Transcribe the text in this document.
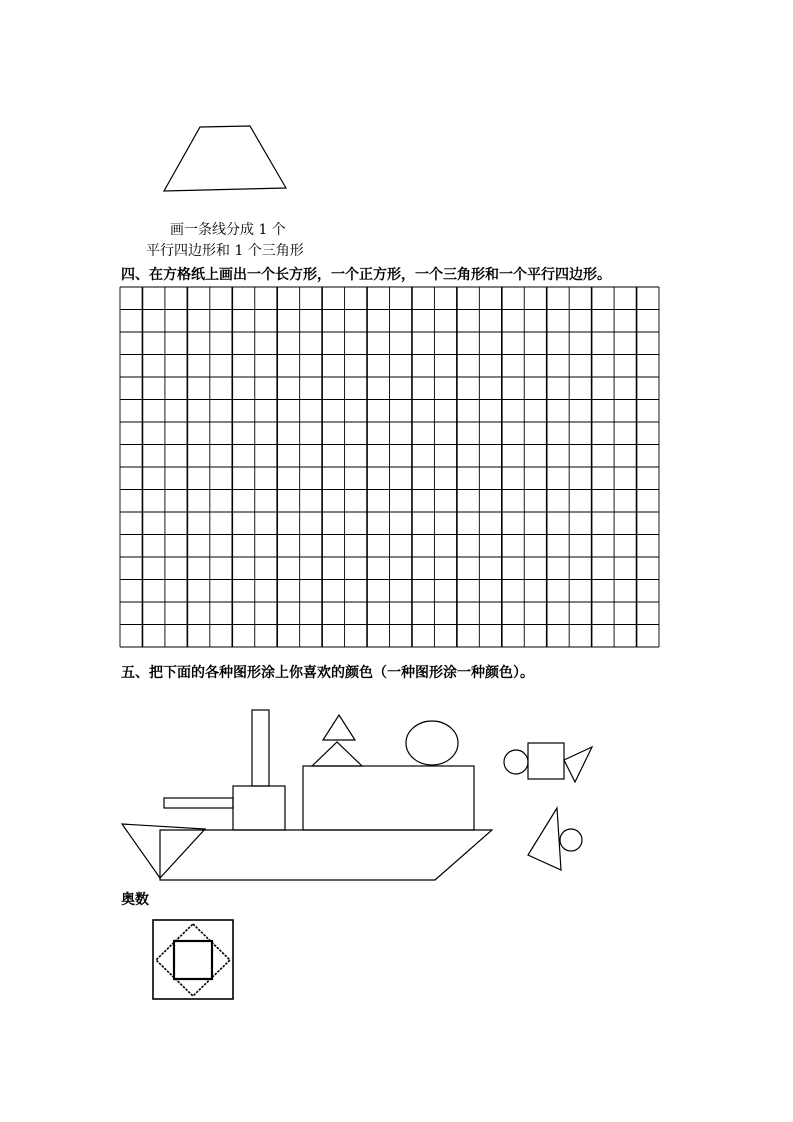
画一条线分成 1 个
平行四边形和 1 个三角形
四、在方格纸上画出一个长方形，一个正方形，一个三角形和一个平行四边形。
五、把下面的各种图形涂上你喜欢的颜色（一种图形涂一种颜色）。
奥数
